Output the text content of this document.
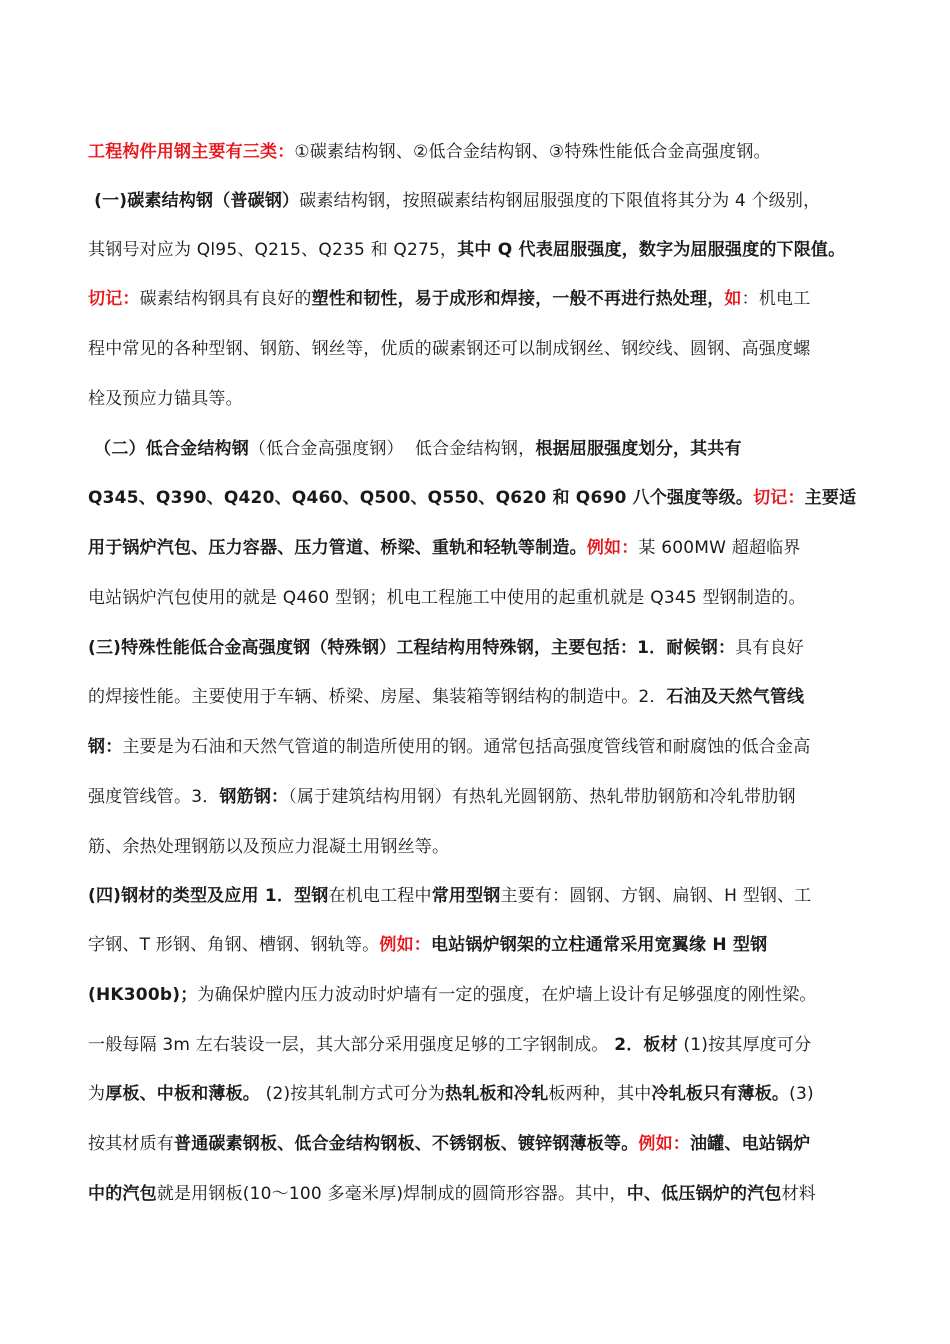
工程构件用钢主要有三类：①碳素结构钢、②低合金结构钢、③特殊性能低合金高强度钢。
(一)碳素结构钢（普碳钢）碳素结构钢，按照碳素结构钢屈服强度的下限值将其分为 4 个级别，
其钢号对应为 Ql95、Q215、Q235 和 Q275，其中 Q 代表屈服强度，数字为屈服强度的下限值。
切记：碳素结构钢具有良好的塑性和韧性，易于成形和焊接，一般不再进行热处理，如：机电工
程中常见的各种型钢、钢筋、钢丝等，优质的碳素钢还可以制成钢丝、钢绞线、圆钢、高强度螺
栓及预应力锚具等。
（二）低合金结构钢（低合金高强度钢）  低合金结构钢，根据屈服强度划分，其共有
Q345、Q390、Q420、Q460、Q500、Q550、Q620 和 Q690 八个强度等级。切记：主要适
用于锅炉汽包、压力容器、压力管道、桥梁、重轨和轻轨等制造。例如：某 600MW 超超临界
电站锅炉汽包使用的就是 Q460 型钢；机电工程施工中使用的起重机就是 Q345 型钢制造的。
(三)特殊性能低合金高强度钢（特殊钢）工程结构用特殊钢，主要包括：1．耐候钢：具有良好
的焊接性能。主要使用于车辆、桥梁、房屋、集装箱等钢结构的制造中。2．石油及天然气管线
钢：主要是为石油和天然气管道的制造所使用的钢。通常包括高强度管线管和耐腐蚀的低合金高
强度管线管。3．钢筋钢：（属于建筑结构用钢）有热轧光圆钢筋、热轧带肋钢筋和冷轧带肋钢
筋、余热处理钢筋以及预应力混凝土用钢丝等。
(四)钢材的类型及应用 1．型钢在机电工程中常用型钢主要有：圆钢、方钢、扁钢、H 型钢、工
字钢、T 形钢、角钢、槽钢、钢轨等。例如：电站锅炉钢架的立柱通常采用宽翼缘 H 型钢
(HK300b)；为确保炉膛内压力波动时炉墙有一定的强度，在炉墙上设计有足够强度的刚性梁。
一般每隔 3m 左右装设一层，其大部分采用强度足够的工字钢制成。 2．板材 (1)按其厚度可分
为厚板、中板和薄板。 (2)按其轧制方式可分为热轧板和冷轧板两种，其中冷轧板只有薄板。(3)
按其材质有普通碳素钢板、低合金结构钢板、不锈钢板、镀锌钢薄板等。例如：油罐、电站锅炉
中的汽包就是用钢板(10～100 多毫米厚)焊制成的圆筒形容器。其中，中、低压锅炉的汽包材料
